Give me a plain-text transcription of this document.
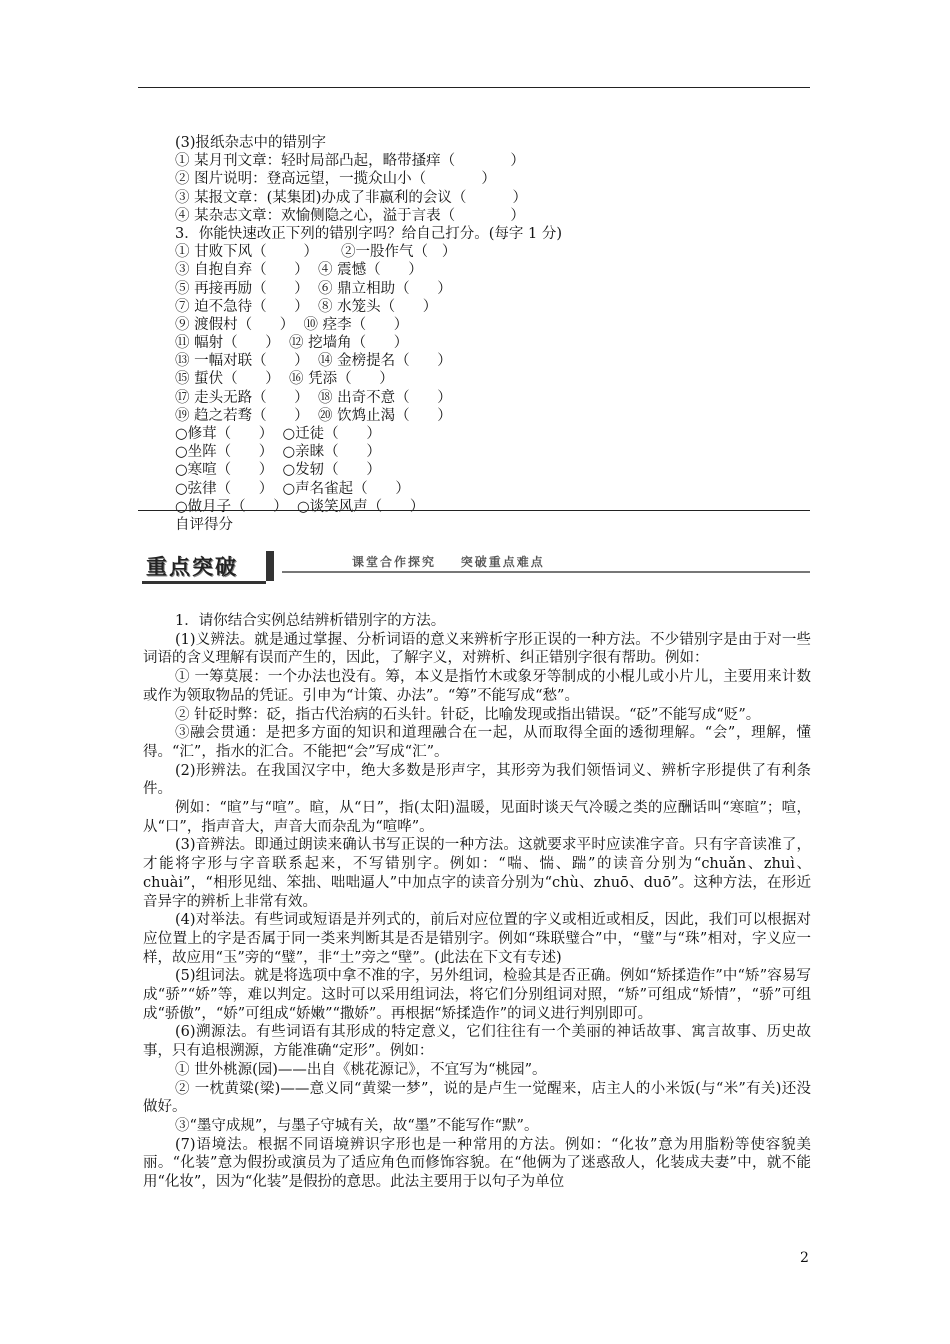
(3)报纸杂志中的错别字
① 某月刊文章：轻时局部凸起，略带搔痒（            ）
② 图片说明：登高远望，一揽众山小（            ）
③ 某报文章：(某集团)办成了非嬴利的会议（          ）
④ 某杂志文章：欢愉侧隐之心，溢于言表（            ）
3．你能快速改正下列的错别字吗？给自己打分。(每字 1 分)
① 甘败下风（        ）     ②一股作气（   ）
③ 自抱自弃（      ）  ④ 震憾（      ）
⑤ 再接再励（      ）  ⑥ 鼎立相助（      ）
⑦ 迫不急待（      ）  ⑧ 水笼头（      ）
⑨ 渡假村（      ）  ⑩ 痉李（      ）
⑪ 幅射（      ）  ⑫ 挖墙角（      ）
⑬ 一幅对联（      ）  ⑭ 金榜提名（      ）
⑮ 蜇伏（      ）  ⑯ 凭添（      ）
⑰ 走头无路（      ）  ⑱ 出奇不意（      ）
⑲ 趋之若骛（      ）  ⑳ 饮鸩止渴（      ）
○修茸（      ）  ○迁徒（      ）
○坐阵（      ）  ○亲睐（      ）
○寒喧（      ）  ○发轫（      ）
○弦律（      ）  ○声名雀起（      ）
○做月子（      ）  ○谈笑风声（      ）
自评得分
重点突破	课堂合作探究    突破重点难点
1．请你结合实例总结辨析错别字的方法。
(1)义辨法。就是通过掌握、分析词语的意义来辨析字形正误的一种方法。不少错别字是由于对一些词语的含义理解有误而产生的，因此，了解字义，对辨析、纠正错别字很有帮助。例如：
① 一筹莫展：一个办法也没有。筹，本义是指竹木或象牙等制成的小棍儿或小片儿，主要用来计数或作为领取物品的凭证。引申为“计策、办法”。“筹”不能写成“愁”。
② 针砭时弊：砭，指古代治病的石头针。针砭，比喻发现或指出错误。“砭”不能写成“贬”。
③融会贯通：是把多方面的知识和道理融合在一起，从而取得全面的透彻理解。“会”，理解，懂得。“汇”，指水的汇合。不能把“会”写成“汇”。
(2)形辨法。在我国汉字中，绝大多数是形声字，其形旁为我们领悟词义、辨析字形提供了有利条件。
例如：“暄”与“喧”。暄，从“日”，指(太阳)温暖，见面时谈天气冷暖之类的应酬话叫“寒暄”；喧，从“口”，指声音大，声音大而杂乱为“喧哗”。
(3)音辨法。即通过朗读来确认书写正误的一种方法。这就要求平时应读准字音。只有字音读准了，才能将字形与字音联系起来，不写错别字。例如：“喘、惴、踹”的读音分别为“chuǎn、zhuì、chuài”，“相形见绌、笨拙、咄咄逼人”中加点字的读音分别为“chù、zhuō、duō”。这种方法，在形近音异字的辨析上非常有效。
(4)对举法。有些词或短语是并列式的，前后对应位置的字义或相近或相反，因此，我们可以根据对应位置上的字是否属于同一类来判断其是否是错别字。例如“珠联璧合”中，“璧”与“珠”相对，字义应一样，故应用“玉”旁的“璧”，非“土”旁之“壁”。(此法在下文有专述)
(5)组词法。就是将选项中拿不准的字，另外组词，检验其是否正确。例如“矫揉造作”中“矫”容易写成“骄”“娇”等，难以判定。这时可以采用组词法，将它们分别组词对照，“矫”可组成“矫情”，“骄”可组成“骄傲”，“娇”可组成“娇嫩”“撒娇”。再根据“矫揉造作”的词义进行判别即可。
(6)溯源法。有些词语有其形成的特定意义，它们往往有一个美丽的神话故事、寓言故事、历史故事，只有追根溯源，方能准确“定形”。例如：
① 世外桃源(园)——出自《桃花源记》，不宜写为“桃园”。
② 一枕黄粱(梁)——意义同“黄粱一梦”，说的是卢生一觉醒来，店主人的小米饭(与“米”有关)还没做好。
③“墨守成规”，与墨子守城有关，故“墨”不能写作“默”。
(7)语境法。根据不同语境辨识字形也是一种常用的方法。例如：“化妆”意为用脂粉等使容貌美丽。“化装”意为假扮或演员为了适应角色而修饰容貌。在“他俩为了迷惑敌人，化装成夫妻”中，就不能用“化妆”，因为“化装”是假扮的意思。此法主要用于以句子为单位
2
